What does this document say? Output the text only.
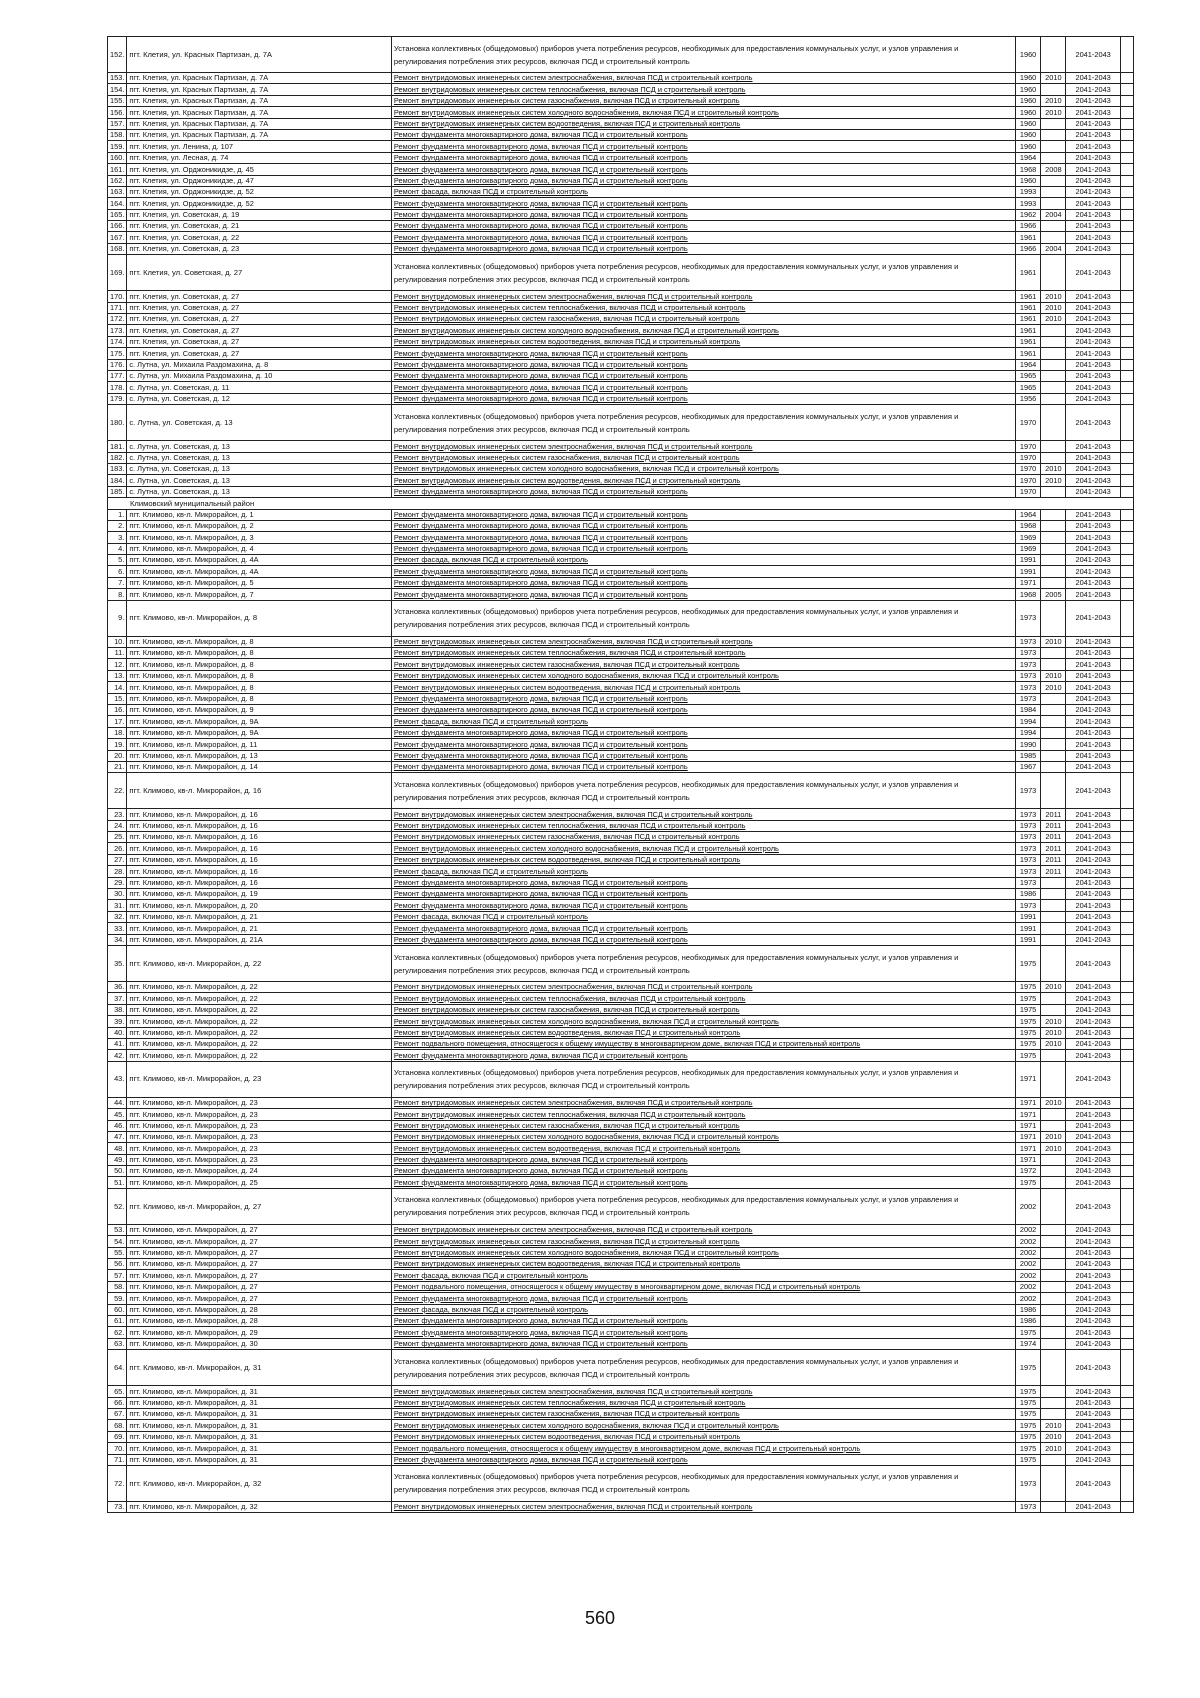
152.	пгт. Клетия, ул. Красных Партизан, д. 7А	Установка коллективных (общедомовых) приборов учета потребления ресурсов, необходимых для предоставления коммунальных услуг, и узлов управления и регулирования потребления этих ресурсов, включая ПСД и строительный контроль	1960		2041-2043	
153.	пгт. Клетия, ул. Красных Партизан, д. 7А	Ремонт внутридомовых инженерных систем электроснабжения, включая ПСД и строительный контроль	1960	2010	2041-2043	
154.	пгт. Клетия, ул. Красных Партизан, д. 7А	Ремонт внутридомовых инженерных систем теплоснабжения, включая ПСД и строительный контроль	1960		2041-2043	
155.	пгт. Клетия, ул. Красных Партизан, д. 7А	Ремонт внутридомовых инженерных систем газоснабжения, включая ПСД и строительный контроль	1960	2010	2041-2043	
156.	пгт. Клетия, ул. Красных Партизан, д. 7А	Ремонт внутридомовых инженерных систем холодного водоснабжения, включая ПСД и строительный контроль	1960	2010	2041-2043	
157.	пгт. Клетия, ул. Красных Партизан, д. 7А	Ремонт внутридомовых инженерных систем водоотведения, включая ПСД и строительный контроль	1960		2041-2043	
158.	пгт. Клетия, ул. Красных Партизан, д. 7А	Ремонт фундамента многоквартирного дома, включая ПСД и строительный контроль	1960		2041-2043	
159.	пгт. Клетия, ул. Ленина, д. 107	Ремонт фундамента многоквартирного дома, включая ПСД и строительный контроль	1960		2041-2043	
160.	пгт. Клетия, ул. Лесная, д. 74	Ремонт фундамента многоквартирного дома, включая ПСД и строительный контроль	1964		2041-2043	
161.	пгт. Клетия, ул. Орджоникидзе, д. 45	Ремонт фундамента многоквартирного дома, включая ПСД и строительный контроль	1968	2008	2041-2043	
162.	пгт. Клетия, ул. Орджоникидзе, д. 47	Ремонт фундамента многоквартирного дома, включая ПСД и строительный контроль	1960		2041-2043	
163.	пгт. Клетия, ул. Орджоникидзе, д. 52	Ремонт фасада, включая ПСД и строительный контроль	1993		2041-2043	
164.	пгт. Клетия, ул. Орджоникидзе, д. 52	Ремонт фундамента многоквартирного дома, включая ПСД и строительный контроль	1993		2041-2043	
165.	пгт. Клетия, ул. Советская, д. 19	Ремонт фундамента многоквартирного дома, включая ПСД и строительный контроль	1962	2004	2041-2043	
166.	пгт. Клетия, ул. Советская, д. 21	Ремонт фундамента многоквартирного дома, включая ПСД и строительный контроль	1966		2041-2043	
167.	пгт. Клетия, ул. Советская, д. 22	Ремонт фундамента многоквартирного дома, включая ПСД и строительный контроль	1961		2041-2043	
168.	пгт. Клетия, ул. Советская, д. 23	Ремонт фундамента многоквартирного дома, включая ПСД и строительный контроль	1966	2004	2041-2043	
169.	пгт. Клетия, ул. Советская, д. 27	Установка коллективных (общедомовых) приборов учета потребления ресурсов, необходимых для предоставления коммунальных услуг, и узлов управления и регулирования потребления этих ресурсов, включая ПСД и строительный контроль	1961		2041-2043	
170.	пгт. Клетия, ул. Советская, д. 27	Ремонт внутридомовых инженерных систем электроснабжения, включая ПСД и строительный контроль	1961	2010	2041-2043	
171.	пгт. Клетия, ул. Советская, д. 27	Ремонт внутридомовых инженерных систем теплоснабжения, включая ПСД и строительный контроль	1961	2010	2041-2043	
172.	пгт. Клетия, ул. Советская, д. 27	Ремонт внутридомовых инженерных систем газоснабжения, включая ПСД и строительный контроль	1961	2010	2041-2043	
173.	пгт. Клетия, ул. Советская, д. 27	Ремонт внутридомовых инженерных систем холодного водоснабжения, включая ПСД и строительный контроль	1961		2041-2043	
174.	пгт. Клетия, ул. Советская, д. 27	Ремонт внутридомовых инженерных систем водоотведения, включая ПСД и строительный контроль	1961		2041-2043	
175.	пгт. Клетия, ул. Советская, д. 27	Ремонт фундамента многоквартирного дома, включая ПСД и строительный контроль	1961		2041-2043	
176.	с. Лутна, ул. Михаила Раздомахина, д. 8	Ремонт фундамента многоквартирного дома, включая ПСД и строительный контроль	1964		2041-2043	
177.	с. Лутна, ул. Михаила Раздомахина, д. 10	Ремонт фундамента многоквартирного дома, включая ПСД и строительный контроль	1965		2041-2043	
178.	с. Лутна, ул. Советская, д. 11	Ремонт фундамента многоквартирного дома, включая ПСД и строительный контроль	1965		2041-2043	
179.	с. Лутна, ул. Советская, д. 12	Ремонт фундамента многоквартирного дома, включая ПСД и строительный контроль	1956		2041-2043	
180.	с. Лутна, ул. Советская, д. 13	Установка коллективных (общедомовых) приборов учета потребления ресурсов, необходимых для предоставления коммунальных услуг, и узлов управления и регулирования потребления этих ресурсов, включая ПСД и строительный контроль	1970		2041-2043	
181.	с. Лутна, ул. Советская, д. 13	Ремонт внутридомовых инженерных систем электроснабжения, включая ПСД и строительный контроль	1970		2041-2043	
182.	с. Лутна, ул. Советская, д. 13	Ремонт внутридомовых инженерных систем газоснабжения, включая ПСД и строительный контроль	1970		2041-2043	
183.	с. Лутна, ул. Советская, д. 13	Ремонт внутридомовых инженерных систем холодного водоснабжения, включая ПСД и строительный контроль	1970	2010	2041-2043	
184.	с. Лутна, ул. Советская, д. 13	Ремонт внутридомовых инженерных систем водоотведения, включая ПСД и строительный контроль	1970	2010	2041-2043	
185.	с. Лутна, ул. Советская, д. 13	Ремонт фундамента многоквартирного дома, включая ПСД и строительный контроль	1970		2041-2043	
Климовский муниципальный район						
1.	пгт. Климово, кв-л. Микрорайон, д. 1	Ремонт фундамента многоквартирного дома, включая ПСД и строительный контроль	1964		2041-2043	
2.	пгт. Климово, кв-л. Микрорайон, д. 2	Ремонт фундамента многоквартирного дома, включая ПСД и строительный контроль	1968		2041-2043	
3.	пгт. Климово, кв-л. Микрорайон, д. 3	Ремонт фундамента многоквартирного дома, включая ПСД и строительный контроль	1969		2041-2043	
4.	пгт. Климово, кв-л. Микрорайон, д. 4	Ремонт фундамента многоквартирного дома, включая ПСД и строительный контроль	1969		2041-2043	
5.	пгт. Климово, кв-л. Микрорайон, д. 4А	Ремонт фасада, включая ПСД и строительный контроль	1991		2041-2043	
6.	пгт. Климово, кв-л. Микрорайон, д. 4А	Ремонт фундамента многоквартирного дома, включая ПСД и строительный контроль	1991		2041-2043	
7.	пгт. Климово, кв-л. Микрорайон, д. 5	Ремонт фундамента многоквартирного дома, включая ПСД и строительный контроль	1971		2041-2043	
8.	пгт. Климово, кв-л. Микрорайон, д. 7	Ремонт фундамента многоквартирного дома, включая ПСД и строительный контроль	1968	2005	2041-2043	
9.	пгт. Климово, кв-л. Микрорайон, д. 8	Установка коллективных (общедомовых) приборов учета потребления ресурсов, необходимых для предоставления коммунальных услуг, и узлов управления и регулирования потребления этих ресурсов, включая ПСД и строительный контроль	1973		2041-2043	
10.	пгт. Климово, кв-л. Микрорайон, д. 8	Ремонт внутридомовых инженерных систем электроснабжения, включая ПСД и строительный контроль	1973	2010	2041-2043	
11.	пгт. Климово, кв-л. Микрорайон, д. 8	Ремонт внутридомовых инженерных систем теплоснабжения, включая ПСД и строительный контроль	1973		2041-2043	
12.	пгт. Климово, кв-л. Микрорайон, д. 8	Ремонт внутридомовых инженерных систем газоснабжения, включая ПСД и строительный контроль	1973		2041-2043	
13.	пгт. Климово, кв-л. Микрорайон, д. 8	Ремонт внутридомовых инженерных систем холодного водоснабжения, включая ПСД и строительный контроль	1973	2010	2041-2043	
14.	пгт. Климово, кв-л. Микрорайон, д. 8	Ремонт внутридомовых инженерных систем водоотведения, включая ПСД и строительный контроль	1973	2010	2041-2043	
15.	пгт. Климово, кв-л. Микрорайон, д. 8	Ремонт фундамента многоквартирного дома, включая ПСД и строительный контроль	1973		2041-2043	
16.	пгт. Климово, кв-л. Микрорайон, д. 9	Ремонт фундамента многоквартирного дома, включая ПСД и строительный контроль	1984		2041-2043	
17.	пгт. Климово, кв-л. Микрорайон, д. 9А	Ремонт фасада, включая ПСД и строительный контроль	1994		2041-2043	
18.	пгт. Климово, кв-л. Микрорайон, д. 9А	Ремонт фундамента многоквартирного дома, включая ПСД и строительный контроль	1994		2041-2043	
19.	пгт. Климово, кв-л. Микрорайон, д. 11	Ремонт фундамента многоквартирного дома, включая ПСД и строительный контроль	1990		2041-2043	
20.	пгт. Климово, кв-л. Микрорайон, д. 13	Ремонт фундамента многоквартирного дома, включая ПСД и строительный контроль	1985		2041-2043	
21.	пгт. Климово, кв-л. Микрорайон, д. 14	Ремонт фундамента многоквартирного дома, включая ПСД и строительный контроль	1967		2041-2043	
22.	пгт. Климово, кв-л. Микрорайон, д. 16	Установка коллективных (общедомовых) приборов учета потребления ресурсов, необходимых для предоставления коммунальных услуг, и узлов управления и регулирования потребления этих ресурсов, включая ПСД и строительный контроль	1973		2041-2043	
23.	пгт. Климово, кв-л. Микрорайон, д. 16	Ремонт внутридомовых инженерных систем электроснабжения, включая ПСД и строительный контроль	1973	2011	2041-2043	
24.	пгт. Климово, кв-л. Микрорайон, д. 16	Ремонт внутридомовых инженерных систем теплоснабжения, включая ПСД и строительный контроль	1973	2011	2041-2043	
25.	пгт. Климово, кв-л. Микрорайон, д. 16	Ремонт внутридомовых инженерных систем газоснабжения, включая ПСД и строительный контроль	1973	2011	2041-2043	
26.	пгт. Климово, кв-л. Микрорайон, д. 16	Ремонт внутридомовых инженерных систем холодного водоснабжения, включая ПСД и строительный контроль	1973	2011	2041-2043	
27.	пгт. Климово, кв-л. Микрорайон, д. 16	Ремонт внутридомовых инженерных систем водоотведения, включая ПСД и строительный контроль	1973	2011	2041-2043	
28.	пгт. Климово, кв-л. Микрорайон, д. 16	Ремонт фасада, включая ПСД и строительный контроль	1973	2011	2041-2043	
29.	пгт. Климово, кв-л. Микрорайон, д. 16	Ремонт фундамента многоквартирного дома, включая ПСД и строительный контроль	1973		2041-2043	
30.	пгт. Климово, кв-л. Микрорайон, д. 19	Ремонт фундамента многоквартирного дома, включая ПСД и строительный контроль	1986		2041-2043	
31.	пгт. Климово, кв-л. Микрорайон, д. 20	Ремонт фундамента многоквартирного дома, включая ПСД и строительный контроль	1973		2041-2043	
32.	пгт. Климово, кв-л. Микрорайон, д. 21	Ремонт фасада, включая ПСД и строительный контроль	1991		2041-2043	
33.	пгт. Климово, кв-л. Микрорайон, д. 21	Ремонт фундамента многоквартирного дома, включая ПСД и строительный контроль	1991		2041-2043	
34.	пгт. Климово, кв-л. Микрорайон, д. 21А	Ремонт фундамента многоквартирного дома, включая ПСД и строительный контроль	1991		2041-2043	
35.	пгт. Климово, кв-л. Микрорайон, д. 22	Установка коллективных (общедомовых) приборов учета потребления ресурсов, необходимых для предоставления коммунальных услуг, и узлов управления и регулирования потребления этих ресурсов, включая ПСД и строительный контроль	1975		2041-2043	
36.	пгт. Климово, кв-л. Микрорайон, д. 22	Ремонт внутридомовых инженерных систем электроснабжения, включая ПСД и строительный контроль	1975	2010	2041-2043	
37.	пгт. Климово, кв-л. Микрорайон, д. 22	Ремонт внутридомовых инженерных систем теплоснабжения, включая ПСД и строительный контроль	1975		2041-2043	
38.	пгт. Климово, кв-л. Микрорайон, д. 22	Ремонт внутридомовых инженерных систем газоснабжения, включая ПСД и строительный контроль	1975		2041-2043	
39.	пгт. Климово, кв-л. Микрорайон, д. 22	Ремонт внутридомовых инженерных систем холодного водоснабжения, включая ПСД и строительный контроль	1975	2010	2041-2043	
40.	пгт. Климово, кв-л. Микрорайон, д. 22	Ремонт внутридомовых инженерных систем водоотведения, включая ПСД и строительный контроль	1975	2010	2041-2043	
41.	пгт. Климово, кв-л. Микрорайон, д. 22	Ремонт подвального помещения, относящегося к общему имуществу в многоквартирном доме, включая ПСД и строительный контроль	1975	2010	2041-2043	
42.	пгт. Климово, кв-л. Микрорайон, д. 22	Ремонт фундамента многоквартирного дома, включая ПСД и строительный контроль	1975		2041-2043	
43.	пгт. Климово, кв-л. Микрорайон, д. 23	Установка коллективных (общедомовых) приборов учета потребления ресурсов, необходимых для предоставления коммунальных услуг, и узлов управления и регулирования потребления этих ресурсов, включая ПСД и строительный контроль	1971		2041-2043	
44.	пгт. Климово, кв-л. Микрорайон, д. 23	Ремонт внутридомовых инженерных систем электроснабжения, включая ПСД и строительный контроль	1971	2010	2041-2043	
45.	пгт. Климово, кв-л. Микрорайон, д. 23	Ремонт внутридомовых инженерных систем теплоснабжения, включая ПСД и строительный контроль	1971		2041-2043	
46.	пгт. Климово, кв-л. Микрорайон, д. 23	Ремонт внутридомовых инженерных систем газоснабжения, включая ПСД и строительный контроль	1971		2041-2043	
47.	пгт. Климово, кв-л. Микрорайон, д. 23	Ремонт внутридомовых инженерных систем холодного водоснабжения, включая ПСД и строительный контроль	1971	2010	2041-2043	
48.	пгт. Климово, кв-л. Микрорайон, д. 23	Ремонт внутридомовых инженерных систем водоотведения, включая ПСД и строительный контроль	1971	2010	2041-2043	
49.	пгт. Климово, кв-л. Микрорайон, д. 23	Ремонт фундамента многоквартирного дома, включая ПСД и строительный контроль	1971		2041-2043	
50.	пгт. Климово, кв-л. Микрорайон, д. 24	Ремонт фундамента многоквартирного дома, включая ПСД и строительный контроль	1972		2041-2043	
51.	пгт. Климово, кв-л. Микрорайон, д. 25	Ремонт фундамента многоквартирного дома, включая ПСД и строительный контроль	1975		2041-2043	
52.	пгт. Климово, кв-л. Микрорайон, д. 27	Установка коллективных (общедомовых) приборов учета потребления ресурсов, необходимых для предоставления коммунальных услуг, и узлов управления и регулирования потребления этих ресурсов, включая ПСД и строительный контроль	2002		2041-2043	
53.	пгт. Климово, кв-л. Микрорайон, д. 27	Ремонт внутридомовых инженерных систем электроснабжения, включая ПСД и строительный контроль	2002		2041-2043	
54.	пгт. Климово, кв-л. Микрорайон, д. 27	Ремонт внутридомовых инженерных систем газоснабжения, включая ПСД и строительный контроль	2002		2041-2043	
55.	пгт. Климово, кв-л. Микрорайон, д. 27	Ремонт внутридомовых инженерных систем холодного водоснабжения, включая ПСД и строительный контроль	2002		2041-2043	
56.	пгт. Климово, кв-л. Микрорайон, д. 27	Ремонт внутридомовых инженерных систем водоотведения, включая ПСД и строительный контроль	2002		2041-2043	
57.	пгт. Климово, кв-л. Микрорайон, д. 27	Ремонт фасада, включая ПСД и строительный контроль	2002		2041-2043	
58.	пгт. Климово, кв-л. Микрорайон, д. 27	Ремонт подвального помещения, относящегося к общему имуществу в многоквартирном доме, включая ПСД и строительный контроль	2002		2041-2043	
59.	пгт. Климово, кв-л. Микрорайон, д. 27	Ремонт фундамента многоквартирного дома, включая ПСД и строительный контроль	2002		2041-2043	
60.	пгт. Климово, кв-л. Микрорайон, д. 28	Ремонт фасада, включая ПСД и строительный контроль	1986		2041-2043	
61.	пгт. Климово, кв-л. Микрорайон, д. 28	Ремонт фундамента многоквартирного дома, включая ПСД и строительный контроль	1986		2041-2043	
62.	пгт. Климово, кв-л. Микрорайон, д. 29	Ремонт фундамента многоквартирного дома, включая ПСД и строительный контроль	1975		2041-2043	
63.	пгт. Климово, кв-л. Микрорайон, д. 30	Ремонт фундамента многоквартирного дома, включая ПСД и строительный контроль	1974		2041-2043	
64.	пгт. Климово, кв-л. Микрорайон, д. 31	Установка коллективных (общедомовых) приборов учета потребления ресурсов, необходимых для предоставления коммунальных услуг, и узлов управления и регулирования потребления этих ресурсов, включая ПСД и строительный контроль	1975		2041-2043	
65.	пгт. Климово, кв-л. Микрорайон, д. 31	Ремонт внутридомовых инженерных систем электроснабжения, включая ПСД и строительный контроль	1975		2041-2043	
66.	пгт. Климово, кв-л. Микрорайон, д. 31	Ремонт внутридомовых инженерных систем теплоснабжения, включая ПСД и строительный контроль	1975		2041-2043	
67.	пгт. Климово, кв-л. Микрорайон, д. 31	Ремонт внутридомовых инженерных систем газоснабжения, включая ПСД и строительный контроль	1975		2041-2043	
68.	пгт. Климово, кв-л. Микрорайон, д. 31	Ремонт внутридомовых инженерных систем холодного водоснабжения, включая ПСД и строительный контроль	1975	2010	2041-2043	
69.	пгт. Климово, кв-л. Микрорайон, д. 31	Ремонт внутридомовых инженерных систем водоотведения, включая ПСД и строительный контроль	1975	2010	2041-2043	
70.	пгт. Климово, кв-л. Микрорайон, д. 31	Ремонт подвального помещения, относящегося к общему имуществу в многоквартирном доме, включая ПСД и строительный контроль	1975	2010	2041-2043	
71.	пгт. Климово, кв-л. Микрорайон, д. 31	Ремонт фундамента многоквартирного дома, включая ПСД и строительный контроль	1975		2041-2043	
72.	пгт. Климово, кв-л. Микрорайон, д. 32	Установка коллективных (общедомовых) приборов учета потребления ресурсов, необходимых для предоставления коммунальных услуг, и узлов управления и регулирования потребления этих ресурсов, включая ПСД и строительный контроль	1973		2041-2043	
73.	пгт. Климово, кв-л. Микрорайон, д. 32	Ремонт внутридомовых инженерных систем электроснабжения, включая ПСД и строительный контроль	1973		2041-2043	
560
